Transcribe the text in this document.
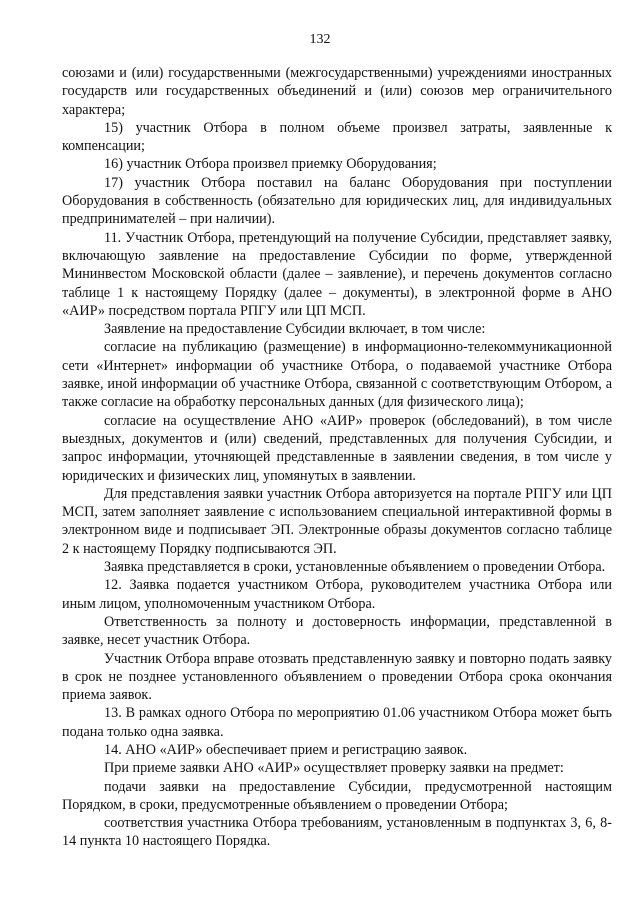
132

союзами и (или) государственными (межгосударственными) учреждениями иностранных государств или государственных объединений и (или) союзов мер ограничительного характера;

15) участник Отбора в полном объеме произвел затраты, заявленные к компенсации;

16) участник Отбора произвел приемку Оборудования;

17) участник Отбора поставил на баланс Оборудования при поступлении Оборудования в собственность (обязательно для юридических лиц, для индивидуальных предпринимателей – при наличии).

11. Участник Отбора, претендующий на получение Субсидии, представляет заявку, включающую заявление на предоставление Субсидии по форме, утвержденной Мининвестом Московской области (далее – заявление), и перечень документов согласно таблице 1 к настоящему Порядку (далее – документы), в электронной форме в АНО «АИР» посредством портала РПГУ или ЦП МСП.

Заявление на предоставление Субсидии включает, в том числе:

согласие на публикацию (размещение) в информационно-телекоммуникационной сети «Интернет» информации об участнике Отбора, о подаваемой участнике Отбора заявке, иной информации об участнике Отбора, связанной с соответствующим Отбором, а также согласие на обработку персональных данных (для физического лица);

согласие на осуществление АНО «АИР» проверок (обследований), в том числе выездных, документов и (или) сведений, представленных для получения Субсидии, и запрос информации, уточняющей представленные в заявлении сведения, в том числе у юридических и физических лиц, упомянутых в заявлении.

Для представления заявки участник Отбора авторизуется на портале РПГУ или ЦП МСП, затем заполняет заявление с использованием специальной интерактивной формы в электронном виде и подписывает ЭП. Электронные образы документов согласно таблице 2 к настоящему Порядку подписываются ЭП.

Заявка представляется в сроки, установленные объявлением о проведении Отбора.

12. Заявка подается участником Отбора, руководителем участника Отбора или иным лицом, уполномоченным участником Отбора.

Ответственность за полноту и достоверность информации, представленной в заявке, несет участник Отбора.

Участник Отбора вправе отозвать представленную заявку и повторно подать заявку в срок не позднее установленного объявлением о проведении Отбора срока окончания приема заявок.

13. В рамках одного Отбора по мероприятию 01.06 участником Отбора может быть подана только одна заявка.

14. АНО «АИР» обеспечивает прием и регистрацию заявок.

При приеме заявки АНО «АИР» осуществляет проверку заявки на предмет:

подачи заявки на предоставление Субсидии, предусмотренной настоящим Порядком, в сроки, предусмотренные объявлением о проведении Отбора;

соответствия участника Отбора требованиям, установленным в подпунктах 3, 6, 8-14 пункта 10 настоящего Порядка.
